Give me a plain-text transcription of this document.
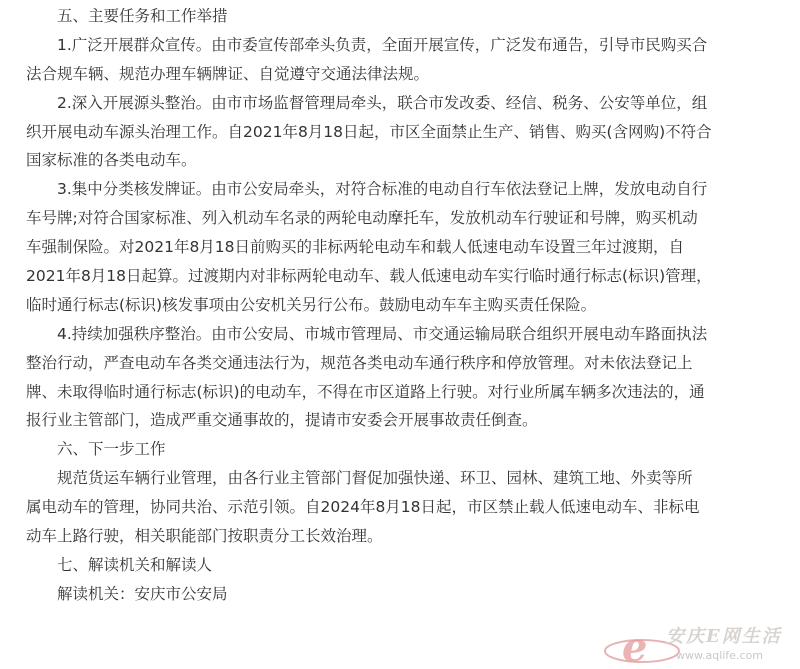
五、主要任务和工作举措
1.广泛开展群众宣传。由市委宣传部牵头负责，全面开展宣传，广泛发布通告，引导市民购买合
法合规车辆、规范办理车辆牌证、自觉遵守交通法律法规。
2.深入开展源头整治。由市市场监督管理局牵头，联合市发改委、经信、税务、公安等单位，组
织开展电动车源头治理工作。自2021年8月18日起，市区全面禁止生产、销售、购买(含网购)不符合
国家标准的各类电动车。
3.集中分类核发牌证。由市公安局牵头，对符合标准的电动自行车依法登记上牌，发放电动自行
车号牌;对符合国家标准、列入机动车名录的两轮电动摩托车，发放机动车行驶证和号牌，购买机动
车强制保险。对2021年8月18日前购买的非标两轮电动车和载人低速电动车设置三年过渡期，自
2021年8月18日起算。过渡期内对非标两轮电动车、载人低速电动车实行临时通行标志(标识)管理，
临时通行标志(标识)核发事项由公安机关另行公布。鼓励电动车车主购买责任保险。
4.持续加强秩序整治。由市公安局、市城市管理局、市交通运输局联合组织开展电动车路面执法
整治行动，严查电动车各类交通违法行为，规范各类电动车通行秩序和停放管理。对未依法登记上
牌、未取得临时通行标志(标识)的电动车，不得在市区道路上行驶。对行业所属车辆多次违法的，通
报行业主管部门，造成严重交通事故的，提请市安委会开展事故责任倒查。
六、下一步工作
规范货运车辆行业管理，由各行业主管部门督促加强快递、环卫、园林、建筑工地、外卖等所
属电动车的管理，协同共治、示范引领。自2024年8月18日起，市区禁止载人低速电动车、非标电
动车上路行驶，相关职能部门按职责分工长效治理。
七、解读机关和解读人
解读机关：安庆市公安局
e 安庆E网生活
www.aqlife.com
